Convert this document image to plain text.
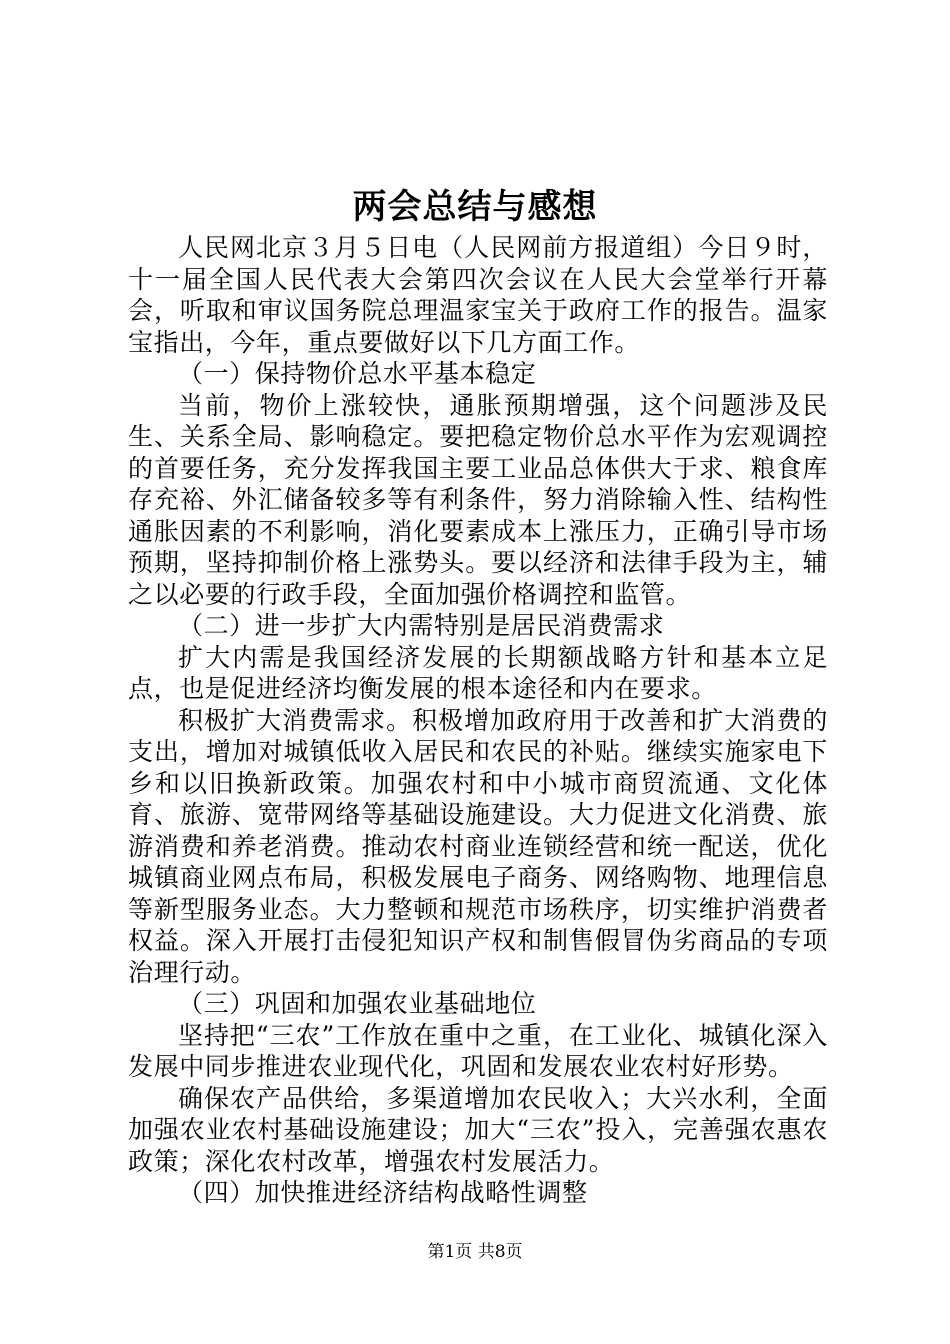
两会总结与感想

人民网北京３月５日电（人民网前方报道组）今日９时，十一届全国人民代表大会第四次会议在人民大会堂举行开幕会，听取和审议国务院总理温家宝关于政府工作的报告。温家宝指出，今年，重点要做好以下几方面工作。

（一）保持物价总水平基本稳定

当前，物价上涨较快，通胀预期增强，这个问题涉及民生、关系全局、影响稳定。要把稳定物价总水平作为宏观调控的首要任务，充分发挥我国主要工业品总体供大于求、粮食库存充裕、外汇储备较多等有利条件，努力消除输入性、结构性通胀因素的不利影响，消化要素成本上涨压力，正确引导市场预期，坚持抑制价格上涨势头。要以经济和法律手段为主，辅之以必要的行政手段，全面加强价格调控和监管。

（二）进一步扩大内需特别是居民消费需求

扩大内需是我国经济发展的长期额战略方针和基本立足点，也是促进经济均衡发展的根本途径和内在要求。

积极扩大消费需求。积极增加政府用于改善和扩大消费的支出，增加对城镇低收入居民和农民的补贴。继续实施家电下乡和以旧换新政策。加强农村和中小城市商贸流通、文化体育、旅游、宽带网络等基础设施建设。大力促进文化消费、旅游消费和养老消费。推动农村商业连锁经营和统一配送，优化城镇商业网点布局，积极发展电子商务、网络购物、地理信息等新型服务业态。大力整顿和规范市场秩序，切实维护消费者权益。深入开展打击侵犯知识产权和制售假冒伪劣商品的专项治理行动。

（三）巩固和加强农业基础地位

坚持把“三农”工作放在重中之重，在工业化、城镇化深入发展中同步推进农业现代化，巩固和发展农业农村好形势。

确保农产品供给，多渠道增加农民收入；大兴水利，全面加强农业农村基础设施建设；加大“三农”投入，完善强农惠农政策；深化农村改革，增强农村发展活力。

（四）加快推进经济结构战略性调整

第1页 共8页
